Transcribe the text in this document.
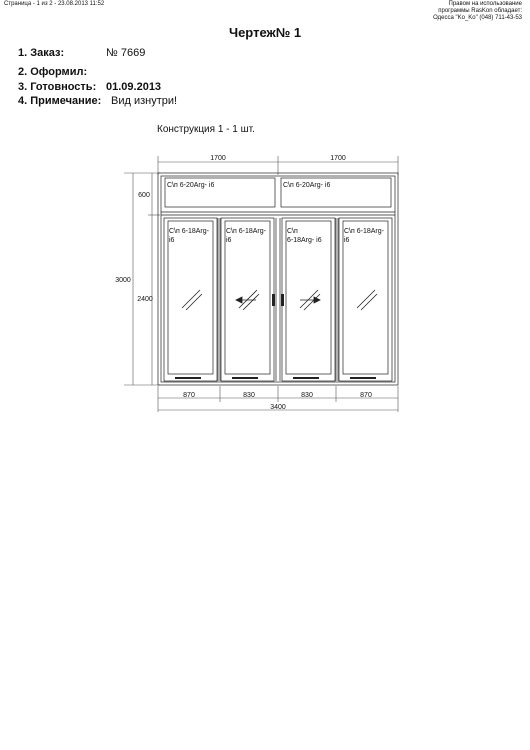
Страница - 1 из 2 - 23.08.2013 11:52	Правом на использование
программы RasKon обладает:
Одесса "Ko_Ko" (048) 711-43-53
Чертеж№ 1
1. Заказ:	№ 7669
2. Оформил:
3. Готовность: 01.09.2013
4. Примечание: Вид изнутри!
Конструкция 1 - 1 шт.
1700	1700
600
2400
3000
870	830	830	870
3400
С\п 6-20Arg- i6	С\п 6-20Arg- i6
С\п 6-18Arg-
i6
С\п 6-18Arg-
i6
С\п
6-18Arg- i6
С\п 6-18Arg-
i6
